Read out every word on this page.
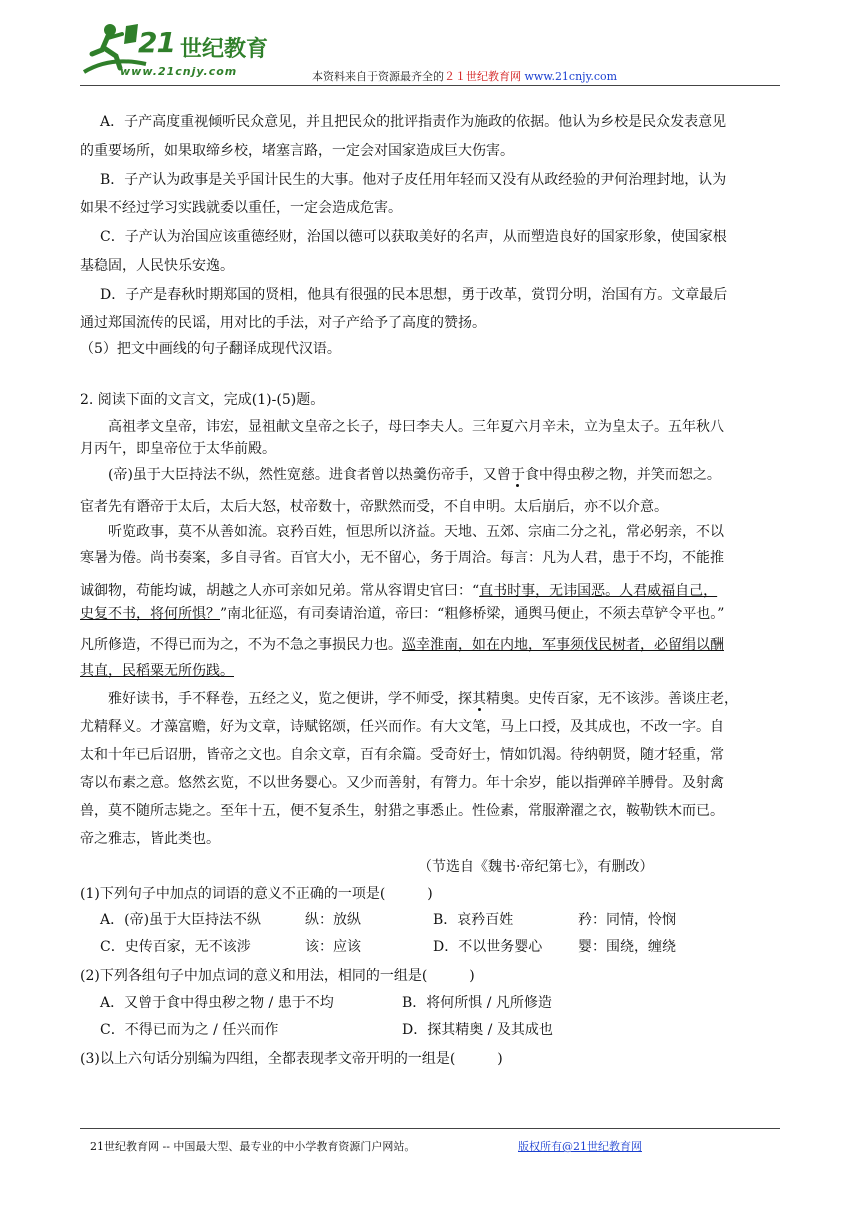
21 世纪教育
www.21cnjy.com	本资料来自于资源最齐全的２１世纪教育网 www.21cnjy.com
A．子产高度重视倾听民众意见，并且把民众的批评指责作为施政的依据。他认为乡校是民众发表意见
的重要场所，如果取缔乡校，堵塞言路，一定会对国家造成巨大伤害。
B．子产认为政事是关乎国计民生的大事。他对子皮任用年轻而又没有从政经验的尹何治理封地，认为
如果不经过学习实践就委以重任，一定会造成危害。
C．子产认为治国应该重德经财，治国以德可以获取美好的名声，从而塑造良好的国家形象，使国家根
基稳固，人民快乐安逸。
D．子产是春秋时期郑国的贤相，他具有很强的民本思想，勇于改革，赏罚分明，治国有方。文章最后
通过郑国流传的民谣，用对比的手法，对子产给予了高度的赞扬。
（5）把文中画线的句子翻译成现代汉语。
2. 阅读下面的文言文，完成(1)-(5)题。
高祖孝文皇帝，讳宏，显祖献文皇帝之长子，母曰李夫人。三年夏六月辛未，立为皇太子。五年秋八
月丙午，即皇帝位于太华前殿。
(帝)虽于大臣持法不纵，然性宽慈。进食者曾以热羹伤帝手，又曾于食中得虫秽之物，并笑而恕之。
宦者先有谮帝于太后，太后大怒，杖帝数十，帝默然而受，不自申明。太后崩后，亦不以介意。
听览政事，莫不从善如流。哀矜百姓，恒思所以济益。天地、五郊、宗庙二分之礼，常必躬亲，不以
寒暑为倦。尚书奏案，多自寻省。百官大小，无不留心，务于周洽。每言：凡为人君，患于不均，不能推
诚御物，苟能均诚，胡越之人亦可亲如兄弟。常从容谓史官曰：“直书时事，无讳国恶。人君威福自己，
史复不书，将何所惧？”南北征巡，有司奏请治道，帝曰：“粗修桥梁，通舆马便止，不须去草铲令平也。”
凡所修造，不得已而为之，不为不急之事损民力也。巡幸淮南，如在内地，军事须伐民树者，必留绢以酬
其直，民稻粟无所伤践。
雅好读书，手不释卷，五经之义，览之便讲，学不师受，探其精奥。史传百家，无不该涉。善谈庄老，
尤精释义。才藻富赡，好为文章，诗赋铭颂，任兴而作。有大文笔，马上口授，及其成也，不改一字。自
太和十年已后诏册，皆帝之文也。自余文章，百有余篇。受奇好士，情如饥渴。待纳朝贤，随才轻重，常
寄以布素之意。悠然玄览，不以世务婴心。又少而善射，有膂力。年十余岁，能以指弹碎羊膊骨。及射禽
兽，莫不随所志毙之。至年十五，便不复杀生，射猎之事悉止。性俭素，常服澣濯之衣，鞍勒铁木而已。
帝之雅志，皆此类也。
（节选自《魏书·帝纪第七》，有删改）
(1)下列句子中加点的词语的意义不正确的一项是(　　　)
A．(帝)虽于大臣持法不纵	纵：放纵	B．哀矜百姓	矜：同情，怜悯
C．史传百家，无不该涉	该：应该	D．不以世务婴心	婴：围绕，缠绕
(2)下列各组句子中加点词的意义和用法，相同的一组是(　　　)
A．又曾于食中得虫秽之物 / 患于不均	B．将何所惧 / 凡所修造
C．不得已而为之 / 任兴而作	D．探其精奥 / 及其成也
(3)以上六句话分别编为四组，全都表现孝文帝开明的一组是(　　　)
21世纪教育网 -- 中国最大型、最专业的中小学教育资源门户网站。	版权所有@21世纪教育网
